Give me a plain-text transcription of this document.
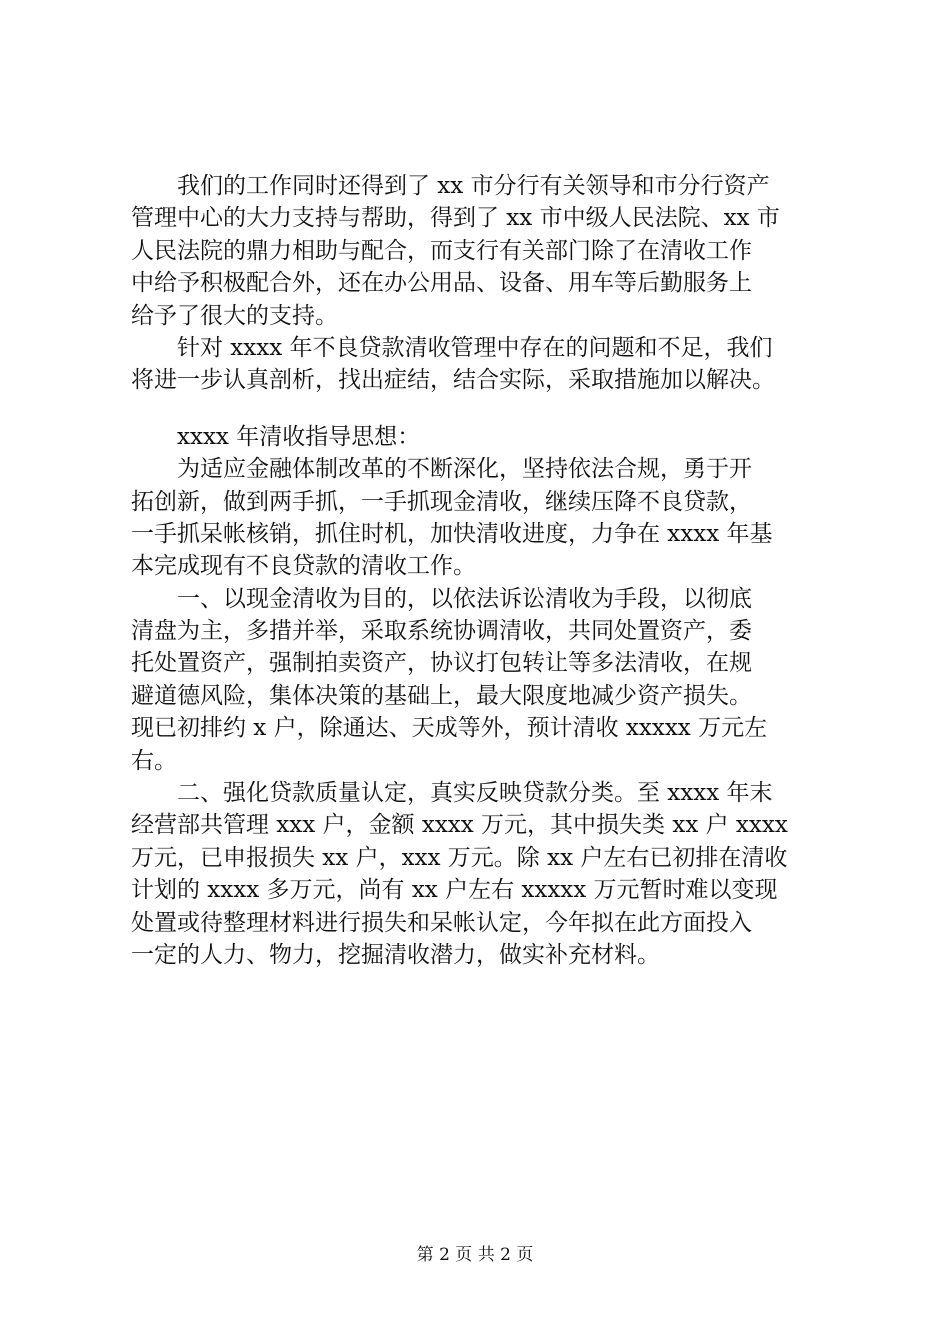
我们的工作同时还得到了 xx 市分行有关领导和市分行资产
管理中心的大力支持与帮助，得到了 xx 市中级人民法院、xx 市
人民法院的鼎力相助与配合，而支行有关部门除了在清收工作
中给予积极配合外，还在办公用品、设备、用车等后勤服务上
给予了很大的支持。
针对 xxxx 年不良贷款清收管理中存在的问题和不足，我们
将进一步认真剖析，找出症结，结合实际，采取措施加以解决。
xxxx 年清收指导思想：
为适应金融体制改革的不断深化，坚持依法合规，勇于开
拓创新，做到两手抓，一手抓现金清收，继续压降不良贷款，
一手抓呆帐核销，抓住时机，加快清收进度，力争在 xxxx 年基
本完成现有不良贷款的清收工作。
一、以现金清收为目的，以依法诉讼清收为手段，以彻底
清盘为主，多措并举，采取系统协调清收，共同处置资产，委
托处置资产，强制拍卖资产，协议打包转让等多法清收，在规
避道德风险，集体决策的基础上，最大限度地减少资产损失。
现已初排约 x 户，除通达、天成等外，预计清收 xxxxx 万元左
右。
二、强化贷款质量认定，真实反映贷款分类。至 xxxx 年末
经营部共管理 xxx 户，金额 xxxx 万元，其中损失类 xx 户 xxxx
万元，已申报损失 xx 户，xxx 万元。除 xx 户左右已初排在清收
计划的 xxxx 多万元，尚有 xx 户左右 xxxxx 万元暂时难以变现
处置或待整理材料进行损失和呆帐认定，今年拟在此方面投入
一定的人力、物力，挖掘清收潜力，做实补充材料。
第 2 页 共 2 页
